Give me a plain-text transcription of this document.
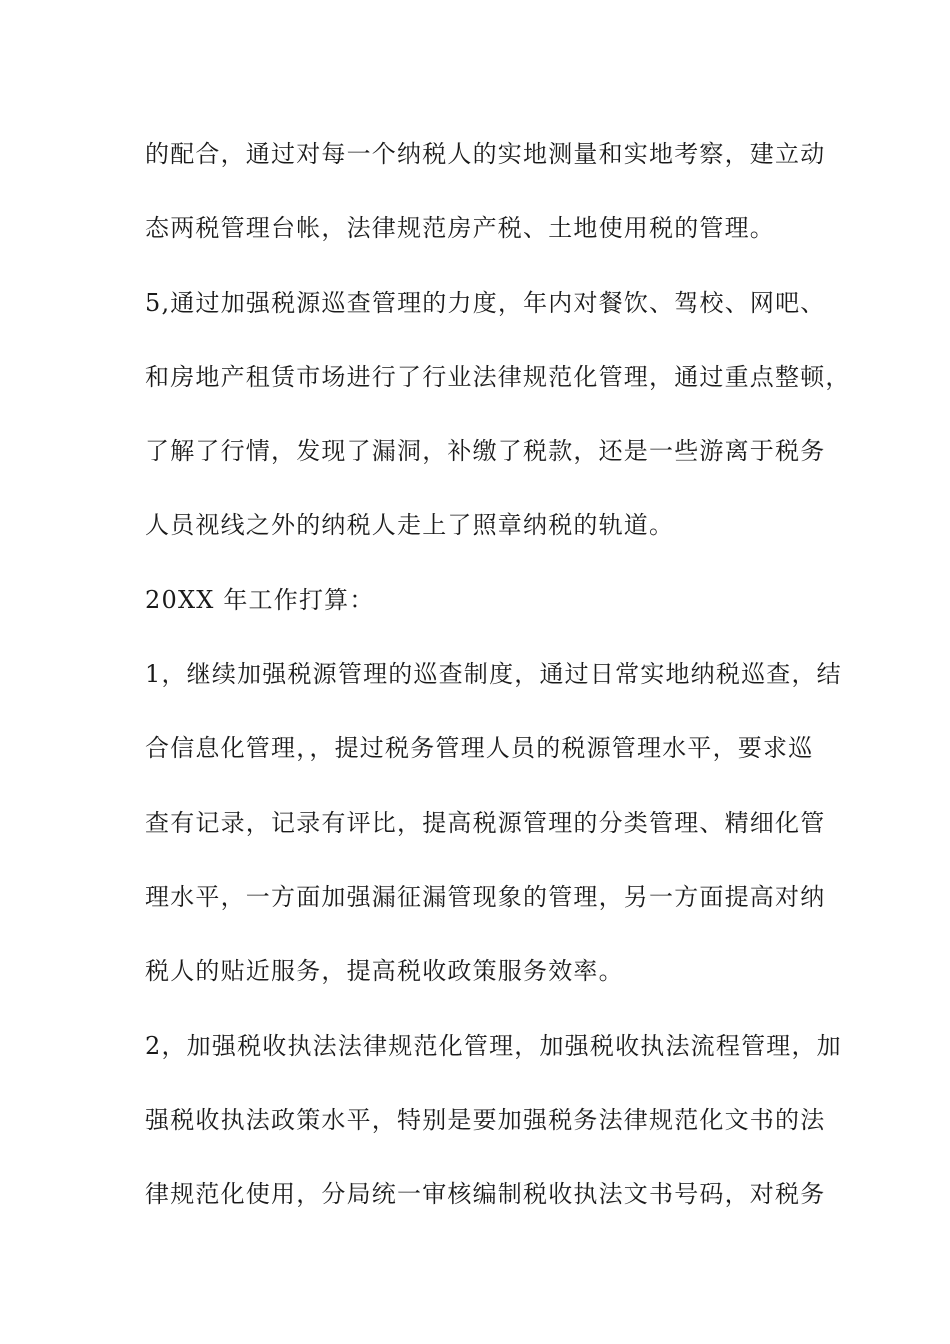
的配合，通过对每一个纳税人的实地测量和实地考察，建立动
态两税管理台帐，法律规范房产税、土地使用税的管理。
5,通过加强税源巡查管理的力度，年内对餐饮、驾校、网吧、
和房地产租赁市场进行了行业法律规范化管理，通过重点整顿，
了解了行情，发现了漏洞，补缴了税款，还是一些游离于税务
人员视线之外的纳税人走上了照章纳税的轨道。
20XX 年工作打算：
1，继续加强税源管理的巡查制度，通过日常实地纳税巡查，结
合信息化管理，，提过税务管理人员的税源管理水平，要求巡
查有记录，记录有评比，提高税源管理的分类管理、精细化管
理水平，一方面加强漏征漏管现象的管理，另一方面提高对纳
税人的贴近服务，提高税收政策服务效率。
2，加强税收执法法律规范化管理，加强税收执法流程管理，加
强税收执法政策水平，特别是要加强税务法律规范化文书的法
律规范化使用，分局统一审核编制税收执法文书号码，对税务
